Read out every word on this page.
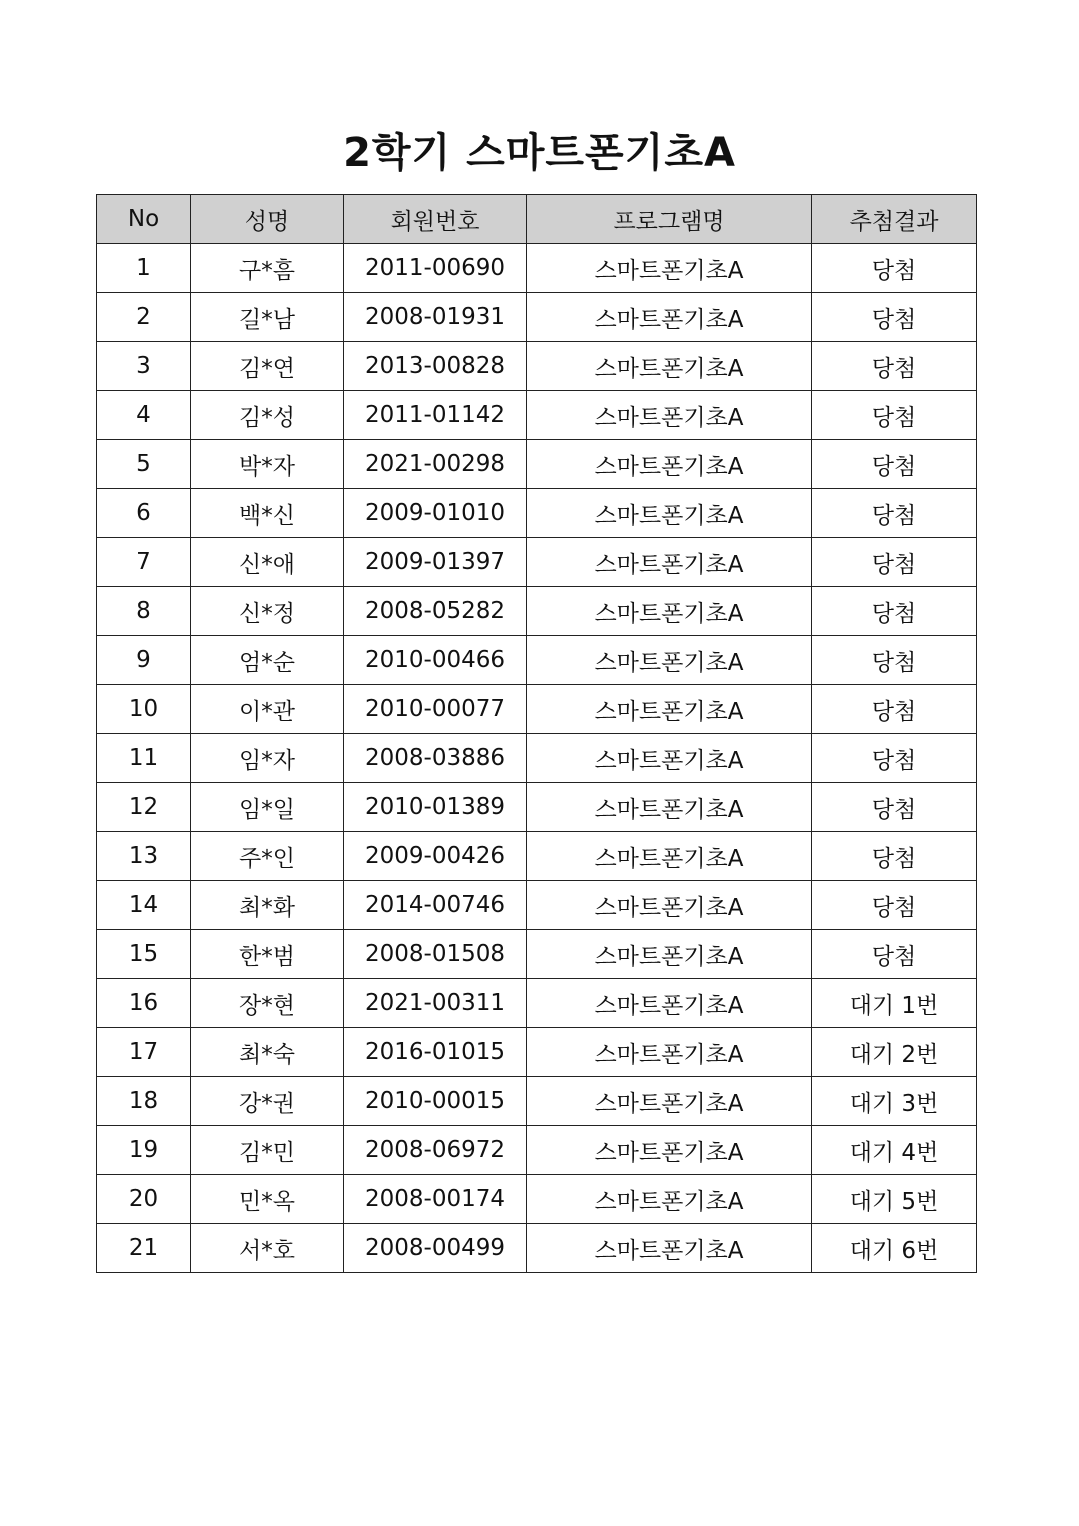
2학기 스마트폰기초A
No	성명	회원번호	프로그램명	추첨결과
1	구*흠	2011-00690	스마트폰기초A	당첨
2	길*남	2008-01931	스마트폰기초A	당첨
3	김*연	2013-00828	스마트폰기초A	당첨
4	김*성	2011-01142	스마트폰기초A	당첨
5	박*자	2021-00298	스마트폰기초A	당첨
6	백*신	2009-01010	스마트폰기초A	당첨
7	신*애	2009-01397	스마트폰기초A	당첨
8	신*정	2008-05282	스마트폰기초A	당첨
9	엄*순	2010-00466	스마트폰기초A	당첨
10	이*관	2010-00077	스마트폰기초A	당첨
11	임*자	2008-03886	스마트폰기초A	당첨
12	임*일	2010-01389	스마트폰기초A	당첨
13	주*인	2009-00426	스마트폰기초A	당첨
14	최*화	2014-00746	스마트폰기초A	당첨
15	한*범	2008-01508	스마트폰기초A	당첨
16	장*현	2021-00311	스마트폰기초A	대기 1번
17	최*숙	2016-01015	스마트폰기초A	대기 2번
18	강*권	2010-00015	스마트폰기초A	대기 3번
19	김*민	2008-06972	스마트폰기초A	대기 4번
20	민*옥	2008-00174	스마트폰기초A	대기 5번
21	서*호	2008-00499	스마트폰기초A	대기 6번
